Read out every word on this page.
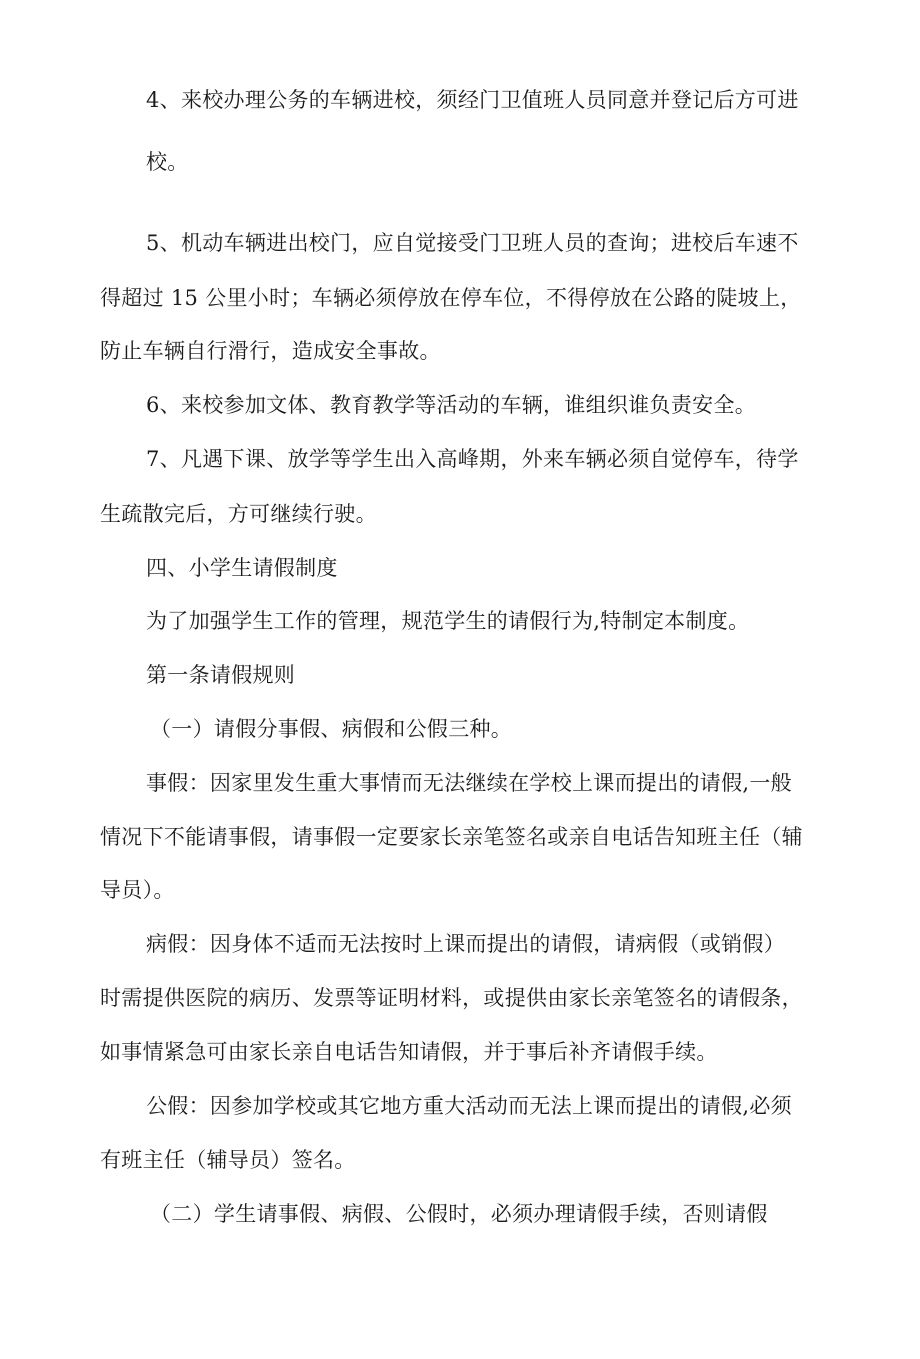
4、来校办理公务的车辆进校，须经门卫值班人员同意并登记后方可进
校。
5、机动车辆进出校门，应自觉接受门卫班人员的查询；进校后车速不
得超过 15 公里小时；车辆必须停放在停车位，不得停放在公路的陡坡上，
防止车辆自行滑行，造成安全事故。
6、来校参加文体、教育教学等活动的车辆，谁组织谁负责安全。
7、凡遇下课、放学等学生出入高峰期，外来车辆必须自觉停车，待学
生疏散完后，方可继续行驶。
四、小学生请假制度
为了加强学生工作的管理，规范学生的请假行为,特制定本制度。
第一条请假规则
（一）请假分事假、病假和公假三种。
事假：因家里发生重大事情而无法继续在学校上课而提出的请假,一般
情况下不能请事假，请事假一定要家长亲笔签名或亲自电话告知班主任（辅
导员）。
病假：因身体不适而无法按时上课而提出的请假，请病假（或销假）
时需提供医院的病历、发票等证明材料，或提供由家长亲笔签名的请假条，
如事情紧急可由家长亲自电话告知请假，并于事后补齐请假手续。
公假：因参加学校或其它地方重大活动而无法上课而提出的请假,必须
有班主任（辅导员）签名。
（二）学生请事假、病假、公假时，必须办理请假手续，否则请假
